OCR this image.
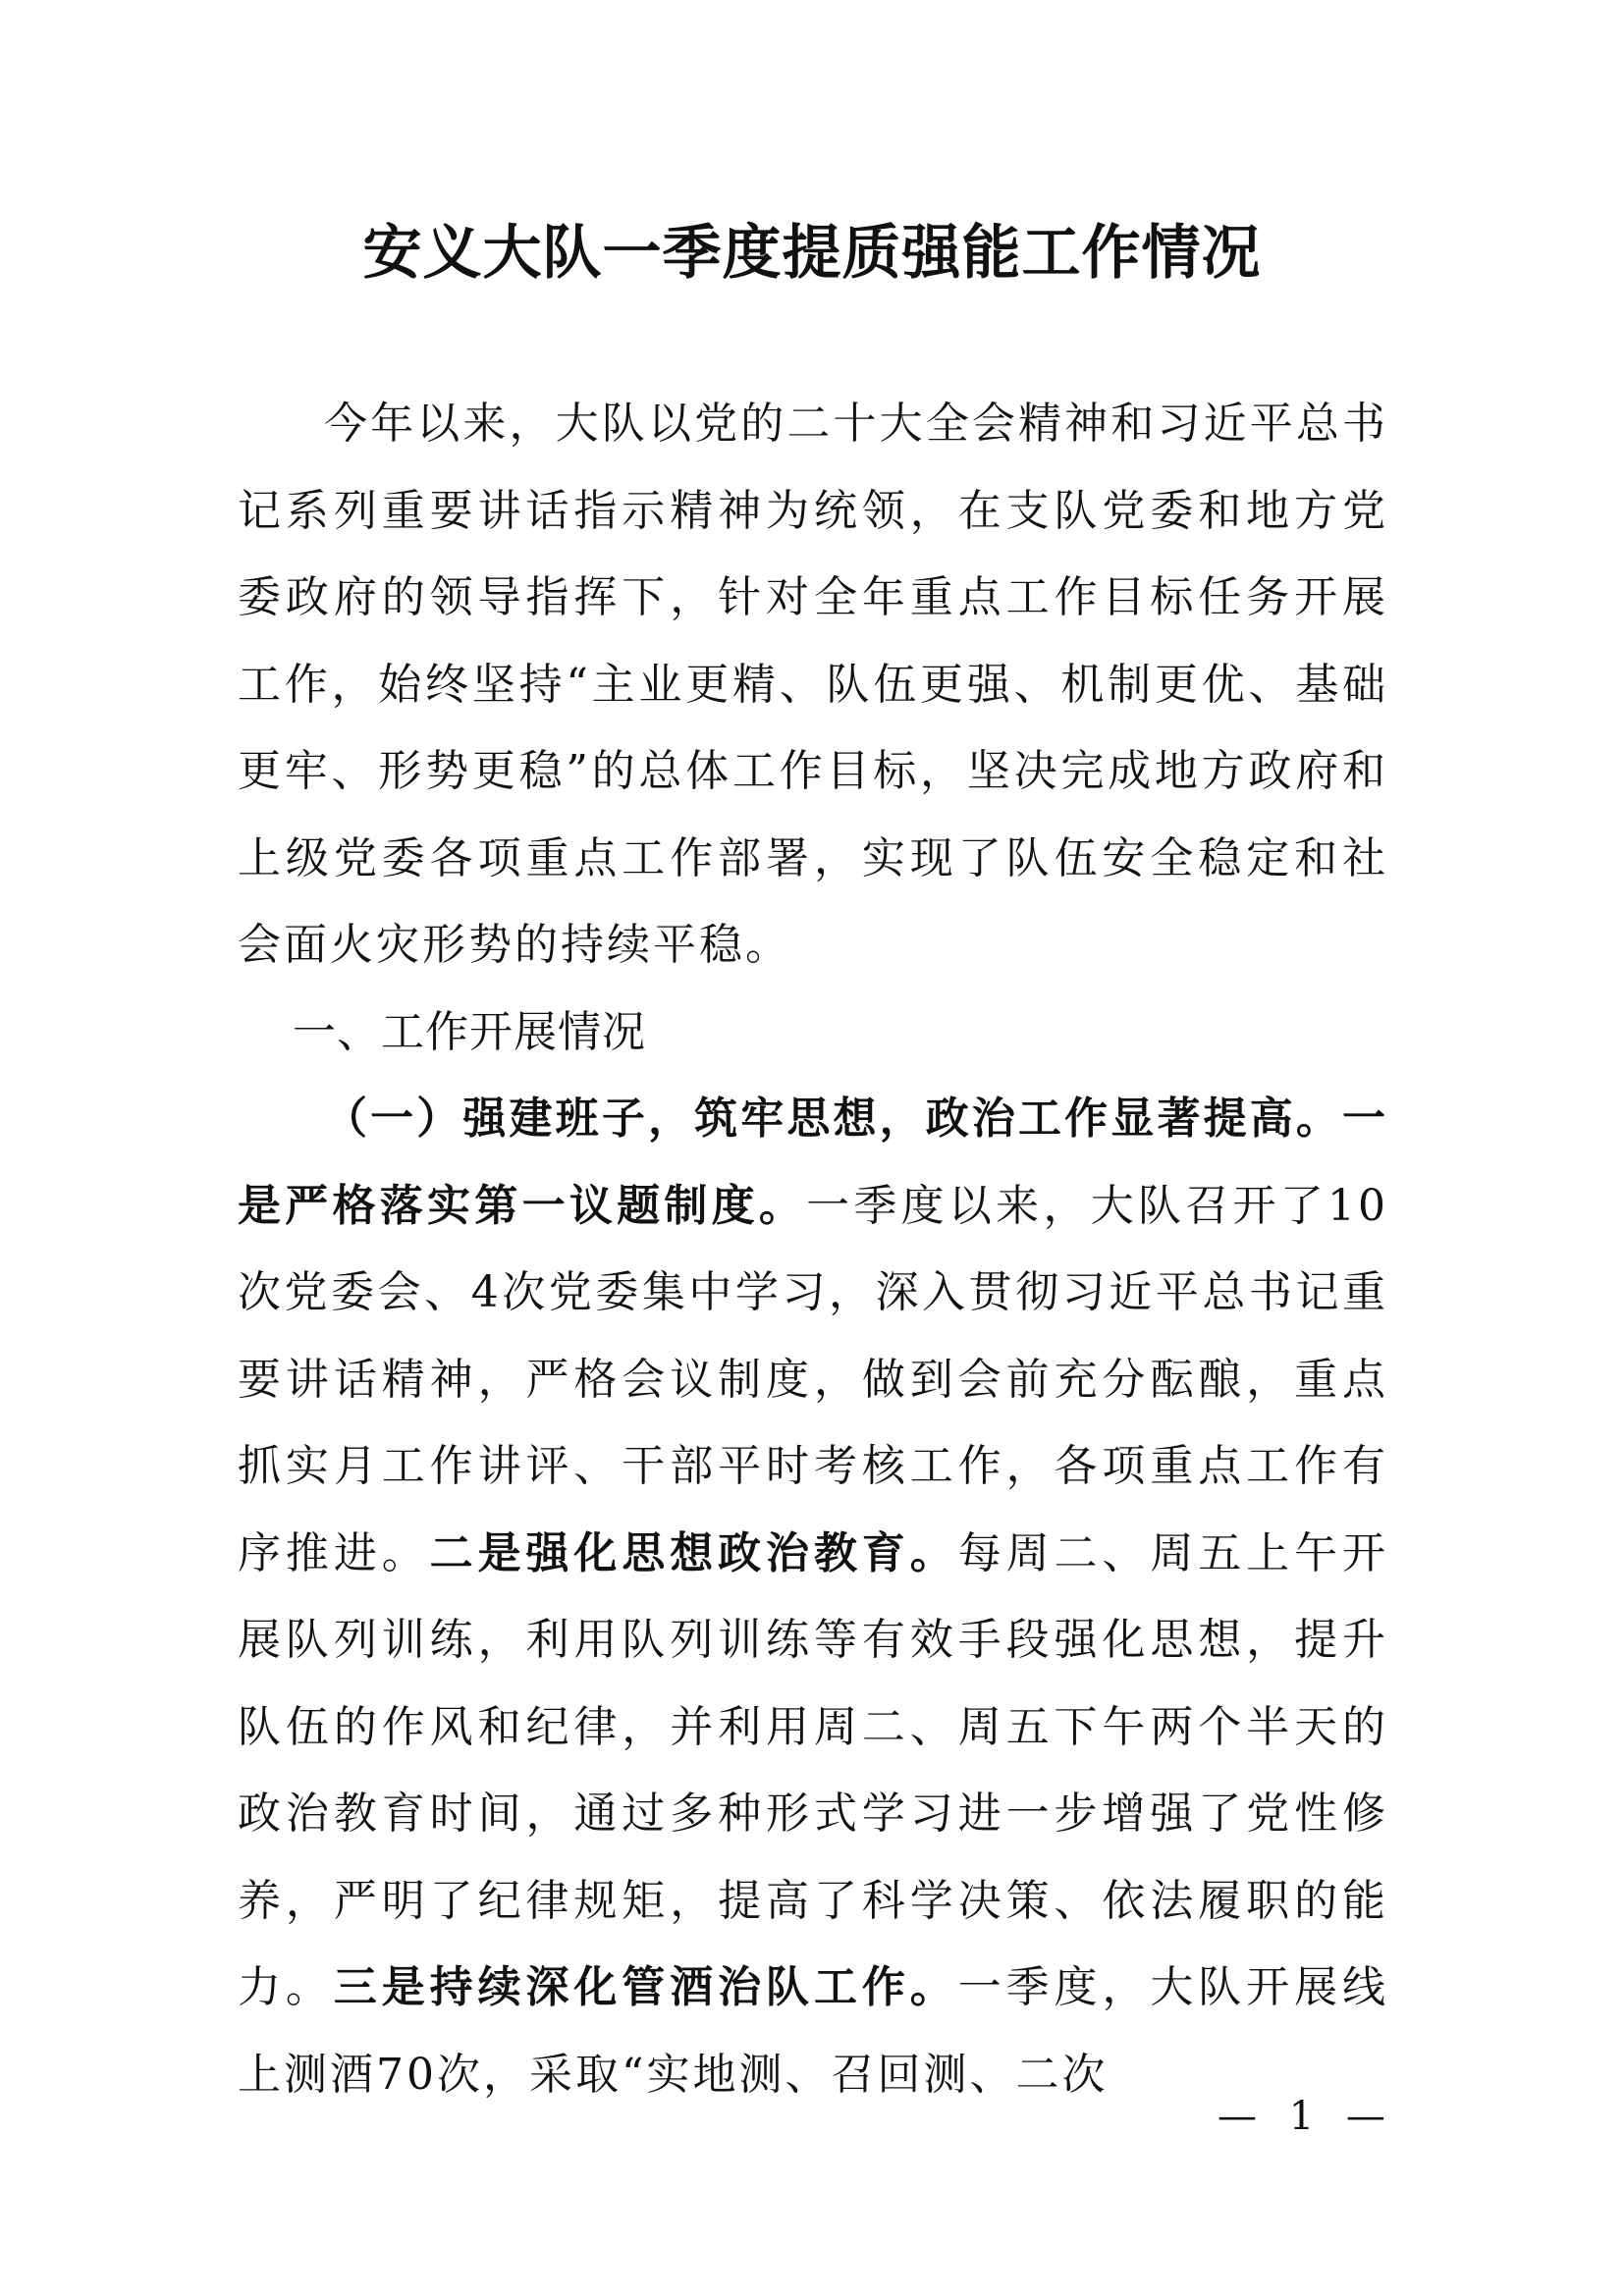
安义大队一季度提质强能工作情况

今年以来，大队以党的二十大全会精神和习近平总书记系列重要讲话指示精神为统领，在支队党委和地方党委政府的领导指挥下，针对全年重点工作目标任务开展工作，始终坚持“主业更精、队伍更强、机制更优、基础更牢、形势更稳”的总体工作目标，坚决完成地方政府和上级党委各项重点工作部署，实现了队伍安全稳定和社会面火灾形势的持续平稳。

一、工作开展情况

（一）强建班子，筑牢思想，政治工作显著提高。一是严格落实第一议题制度。一季度以来，大队召开了10次党委会、4次党委集中学习，深入贯彻习近平总书记重要讲话精神，严格会议制度，做到会前充分酝酿，重点抓实月工作讲评、干部平时考核工作，各项重点工作有序推进。二是强化思想政治教育。每周二、周五上午开展队列训练，利用队列训练等有效手段强化思想，提升队伍的作风和纪律，并利用周二、周五下午两个半天的政治教育时间，通过多种形式学习进一步增强了党性修养，严明了纪律规矩，提高了科学决策、依法履职的能力。三是持续深化管酒治队工作。一季度，大队开展线上测酒70次，采取“实地测、召回测、二次

— 1 —
